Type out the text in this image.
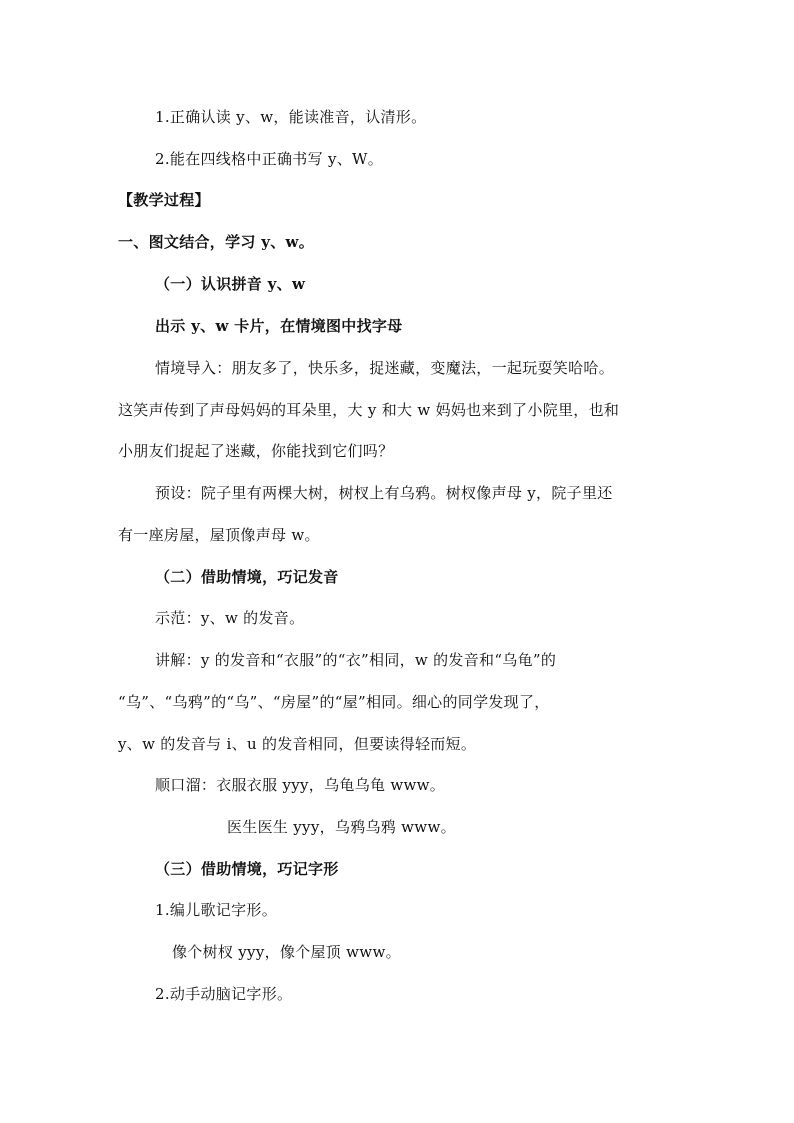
1.正确认读 y、w，能读准音，认清形。
2.能在四线格中正确书写 y、W。
【教学过程】
一、图文结合，学习 y、w。
（一）认识拼音 y、w
出示 y、w 卡片，在情境图中找字母
情境导入：朋友多了，快乐多，捉迷藏，变魔法，一起玩耍笑哈哈。
这笑声传到了声母妈妈的耳朵里，大 y 和大 w 妈妈也来到了小院里，也和
小朋友们捉起了迷藏，你能找到它们吗？
预设：院子里有两棵大树，树杈上有乌鸦。树杈像声母 y，院子里还
有一座房屋，屋顶像声母 w。
（二）借助情境，巧记发音
示范：y、w 的发音。
讲解：y 的发音和“衣服”的“衣”相同，w 的发音和“乌龟”的
“乌”、“乌鸦”的“乌”、“房屋”的“屋”相同。细心的同学发现了，
y、w 的发音与 i、u 的发音相同，但要读得轻而短。
顺口溜：衣服衣服 yyy，乌龟乌龟 www。
医生医生 yyy，乌鸦乌鸦 www。
（三）借助情境，巧记字形
1.编儿歌记字形。
像个树杈 yyy，像个屋顶 www。
2.动手动脑记字形。
